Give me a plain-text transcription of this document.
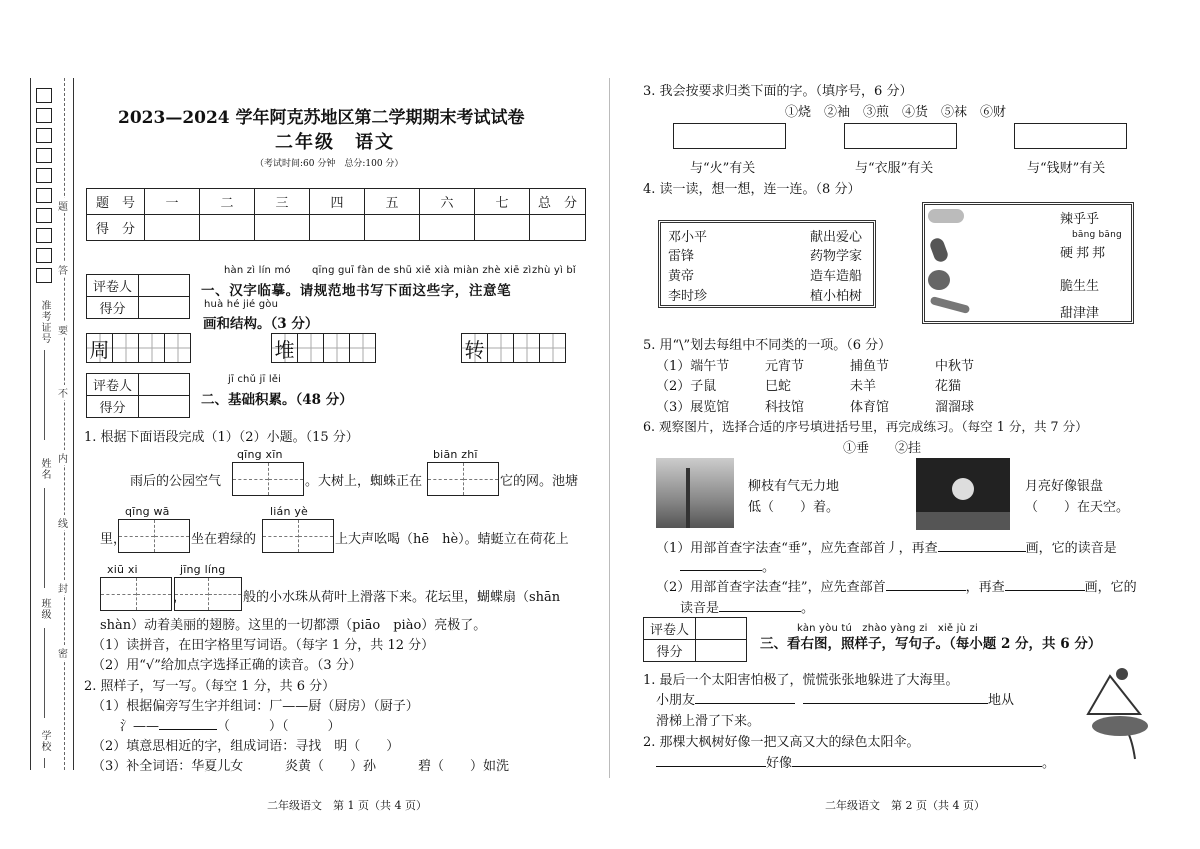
准考证号
姓名
班级
学校
题
答
要
不
内
线
封
密
2023—2024 学年阿克苏地区第二学期期末考试试卷
二年级　语文
（考试时间:60 分钟　总分:100 分）
题　号	一	二	三	四	五	六	七	总　分
得　分								
评卷人	
得分	
hàn zì lín mó qīng guī fàn de shū xiě xià miàn zhè xiē zì zhù yì bǐ
一、汉字临摹。请规范地书写下面这些字，注意笔
huà hé jié gòu
画和结构。（3 分）
周	堆	转
评卷人	
得分	
jī chǔ jī lěi
二、基础积累。（48 分）
1. 根据下面语段完成（1）（2）小题。（15 分）
qīng xīn	biān zhī
雨后的公园空气	。大树上，蜘蛛正在	它的网。池塘
qīng wā	lián yè
里，	坐在碧绿的	上大声吆喝（hē　hè）。蜻蜓立在荷花上
xiū xi	jīng líng
，	般的小水珠从荷叶上滑落下来。花坛里，蝴蝶扇（shān
shàn）动着美丽的翅膀。这里的一切都漂（piāo　piào）亮极了。
（1）读拼音，在田字格里写词语。（每字 1 分，共 12 分）
（2）用“√”给加点字选择正确的读音。（3 分）
2. 照样子，写一写。（每空 1 分，共 6 分）
（1）根据偏旁写生字并组词：厂——厨（厨房）（厨子）
氵——	（　　　）（　　　）
（2）填意思相近的字，组成词语：寻找　明（　　）
（3）补全词语：华夏儿女	炎黄（　　）孙	碧（　　）如洗
二年级语文　第 1 页（共 4 页）
3. 我会按要求归类下面的字。（填序号，6 分）
①烧　②袖　③煎　④货　⑤袜　⑥财
与“火”有关	与“衣服”有关	与“钱财”有关
4. 读一读，想一想，连一连。（8 分）
邓小平
雷锋
黄帝
李时珍
献出爱心
药物学家
造车造船
植小柏树
辣乎乎
bāng bāng
硬邦邦
脆生生
甜津津
5. 用“\”划去每组中不同类的一项。（6 分）
（1）端午节	元宵节	捕鱼节	中秋节
（2）子鼠	巳蛇	未羊	花猫
（3）展览馆	科技馆	体育馆	溜溜球
6. 观察图片，选择合适的序号填进括号里，再完成练习。（每空 1 分，共 7 分）
①垂　　②挂
柳枝有气无力地
低（　　）着。
月亮好像银盘
（　　）在天空。
（1）用部首查字法查“垂”，应先查部首丿，再查	画，它的读音是
。
（2）用部首查字法查“挂”，应先查部首	，再查	画，它的
读音是	。
评卷人	
得分	
kàn yòu tú　zhào yàng zi　xiě jù zi
三、看右图，照样子，写句子。（每小题 2 分，共 6 分）
1. 最后一个太阳害怕极了，慌慌张张地躲进了大海里。
小朋友	地从
滑梯上滑了下来。
2. 那棵大枫树好像一把又高又大的绿色太阳伞。
好像	。
二年级语文　第 2 页（共 4 页）
